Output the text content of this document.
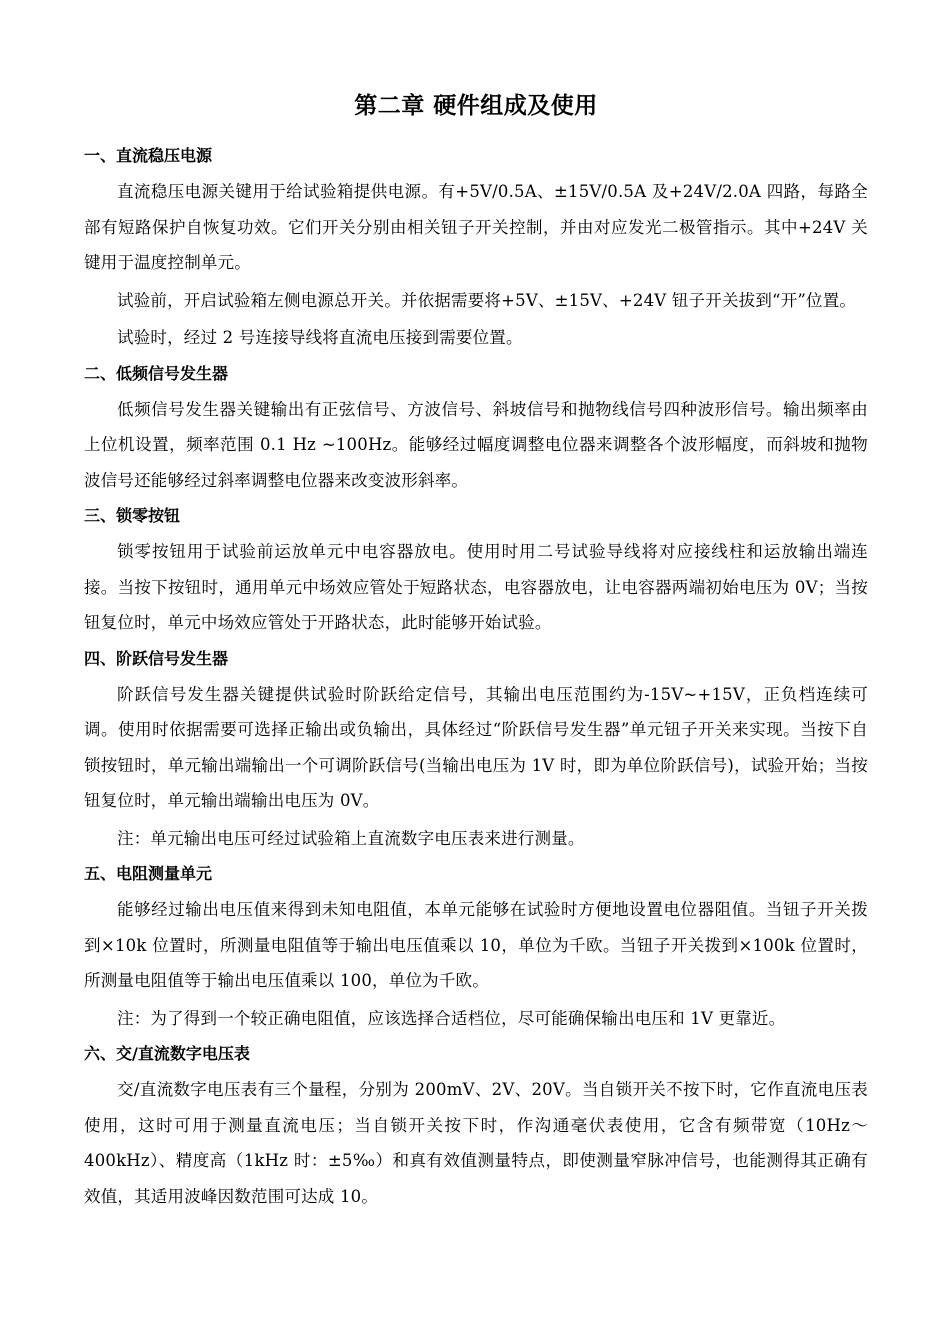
第二章 硬件组成及使用
一、直流稳压电源

直流稳压电源关键用于给试验箱提供电源。有+5V/0.5A、±15V/0.5A 及+24V/2.0A 四路，每路全部有短路保护自恢复功效。它们开关分别由相关钮子开关控制，并由对应发光二极管指示。其中+24V 关键用于温度控制单元。

试验前，开启试验箱左侧电源总开关。并依据需要将+5V、±15V、+24V 钮子开关拔到“开”位置。

试验时，经过 2 号连接导线将直流电压接到需要位置。

二、低频信号发生器

低频信号发生器关键输出有正弦信号、方波信号、斜坡信号和抛物线信号四种波形信号。输出频率由上位机设置，频率范围 0.1 Hz ~100Hz。能够经过幅度调整电位器来调整各个波形幅度，而斜坡和抛物波信号还能够经过斜率调整电位器来改变波形斜率。

三、锁零按钮

锁零按钮用于试验前运放单元中电容器放电。使用时用二号试验导线将对应接线柱和运放输出端连接。当按下按钮时，通用单元中场效应管处于短路状态，电容器放电，让电容器两端初始电压为 0V；当按钮复位时，单元中场效应管处于开路状态，此时能够开始试验。

四、阶跃信号发生器

阶跃信号发生器关键提供试验时阶跃给定信号，其输出电压范围约为-15V~+15V，正负档连续可调。使用时依据需要可选择正输出或负输出，具体经过“阶跃信号发生器”单元钮子开关来实现。当按下自锁按钮时，单元输出端输出一个可调阶跃信号(当输出电压为 1V 时，即为单位阶跃信号)，试验开始；当按钮复位时，单元输出端输出电压为 0V。

注：单元输出电压可经过试验箱上直流数字电压表来进行测量。

五、电阻测量单元

能够经过输出电压值来得到未知电阻值，本单元能够在试验时方便地设置电位器阻值。当钮子开关拨到×10k 位置时，所测量电阻值等于输出电压值乘以 10，单位为千欧。当钮子开关拨到×100k 位置时，所测量电阻值等于输出电压值乘以 100，单位为千欧。

注：为了得到一个较正确电阻值，应该选择合适档位，尽可能确保输出电压和 1V 更靠近。

六、交/直流数字电压表

交/直流数字电压表有三个量程，分别为 200mV、2V、20V。当自锁开关不按下时，它作直流电压表使用，这时可用于测量直流电压；当自锁开关按下时，作沟通毫伏表使用，它含有频带宽（10Hz～400kHz）、精度高（1kHz 时：±5‰）和真有效值测量特点，即使测量窄脉冲信号，也能测得其正确有效值，其适用波峰因数范围可达成 10。
